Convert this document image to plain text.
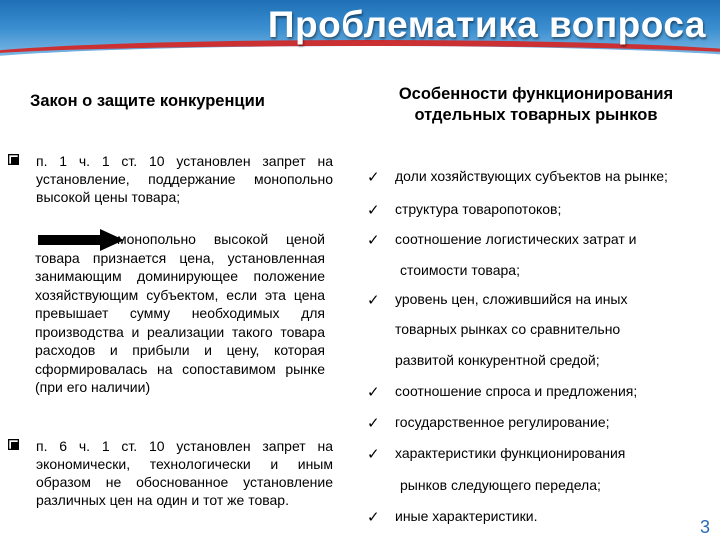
Проблематика вопроса
Закон о защите конкуренции
п. 1 ч. 1 ст. 10 установлен запрет на установление, поддержание монопольно высокой цены товара;
монопольно высокой ценой товара признается цена, установленная занимающим доминирующее положение хозяйствующим субъектом, если эта цена превышает сумму необходимых для производства и реализации такого товара расходов и прибыли и цену, которая сформировалась на сопоставимом рынке (при его наличии)
п. 6 ч. 1 ст. 10 установлен запрет на экономически, технологически и иным образом не обоснованное установление различных цен на один и тот же товар.
Особенности функционирования отдельных товарных рынков
✓ доли хозяйствующих субъектов на рынке;
✓ структура товаропотоков;
✓ соотношение логистических затрат и
стоимости товара;
✓ уровень цен, сложившийся на иных
товарных рынках со сравнительно
развитой конкурентной средой;
✓ соотношение спроса и предложения;
✓ государственное регулирование;
✓ характеристики функционирования
рынков следующего передела;
✓ иные характеристики.
3
